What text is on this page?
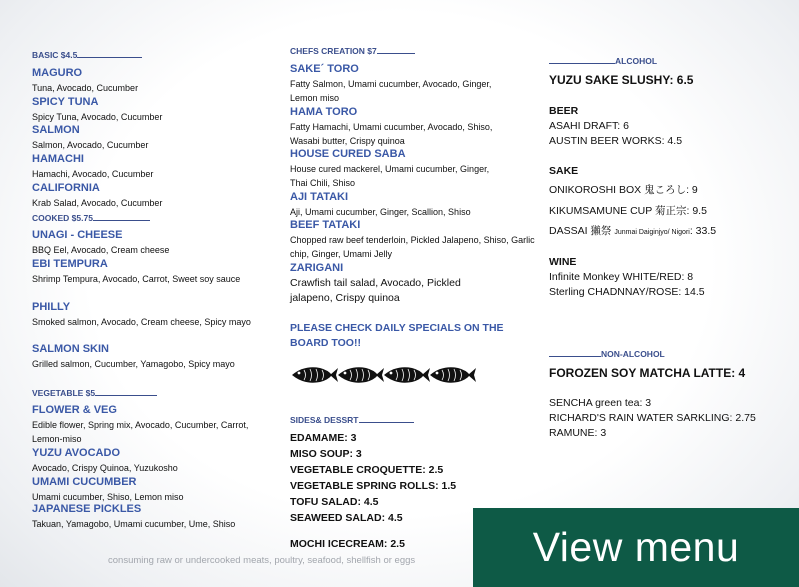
BASIC $4.5
MAGURO
Tuna, Avocado, Cucumber
SPICY TUNA
Spicy Tuna, Avocado, Cucumber
SALMON
Salmon, Avocado, Cucumber
HAMACHI
Hamachi, Avocado, Cucumber
CALIFORNIA
Krab Salad, Avocado, Cucumber
COOKED $5.75
UNAGI - CHEESE
BBQ Eel, Avocado, Cream cheese
EBI TEMPURA
Shrimp Tempura, Avocado, Carrot, Sweet soy sauce
PHILLY
Smoked salmon, Avocado, Cream cheese, Spicy mayo
SALMON SKIN
Grilled salmon, Cucumber, Yamagobo, Spicy mayo
VEGETABLE $5
FLOWER & VEG
Edible flower, Spring mix, Avocado, Cucumber, Carrot, Lemon-miso
YUZU AVOCADO
Avocado, Crispy Quinoa, Yuzukosho
UMAMI CUCUMBER
Umami cucumber, Shiso, Lemon miso
JAPANESE PICKLES
Takuan, Yamagobo, Umami cucumber, Ume, Shiso
CHEFS CREATION $7
SAKE´ TORO
Fatty Salmon, Umami cucumber, Avocado, Ginger, Lemon miso
HAMA TORO
Fatty Hamachi, Umami cucumber, Avocado, Shiso, Wasabi butter, Crispy quinoa
HOUSE CURED SABA
House cured mackerel, Umami cucumber, Ginger, Thai Chili, Shiso
AJI TATAKI
Aji, Umami cucumber, Ginger, Scallion, Shiso
BEEF TATAKI
Chopped raw beef tenderloin, Pickled Jalapeno, Shiso, Garlic chip, Ginger, Umami Jelly
ZARIGANI
Crawfish tail salad, Avocado, Pickled jalapeno, Crispy quinoa
PLEASE CHECK DAILY SPECIALS ON THE BOARD TOO!!
SIDES& DESSRT
EDAMAME: 3
MISO SOUP: 3
VEGETABLE CROQUETTE: 2.5
VEGETABLE SPRING ROLLS: 1.5
TOFU SALAD: 4.5
SEAWEED SALAD: 4.5
MOCHI ICECREAM: 2.5
ALCOHOL
YUZU SAKE SLUSHY: 6.5
BEER
ASAHI DRAFT: 6
AUSTIN BEER WORKS: 4.5
SAKE
ONIKOROSHI BOX 鬼ころし: 9
KIKUMSAMUNE CUP 菊正宗: 9.5
DASSAI 獺祭 Junmai Daiginjyo/ Nigori: 33.5
WINE
Infinite Monkey WHITE/RED: 8
Sterling CHADNNAY/ROSE: 14.5
NON-ALCOHOL
FOROZEN SOY MATCHA LATTE: 4
SENCHA green tea: 3
RICHARD'S RAIN WATER SARKLING: 2.75
RAMUNE: 3
consuming raw or undercooked meats, poultry, seafood, shellfish or eggs	View menu
